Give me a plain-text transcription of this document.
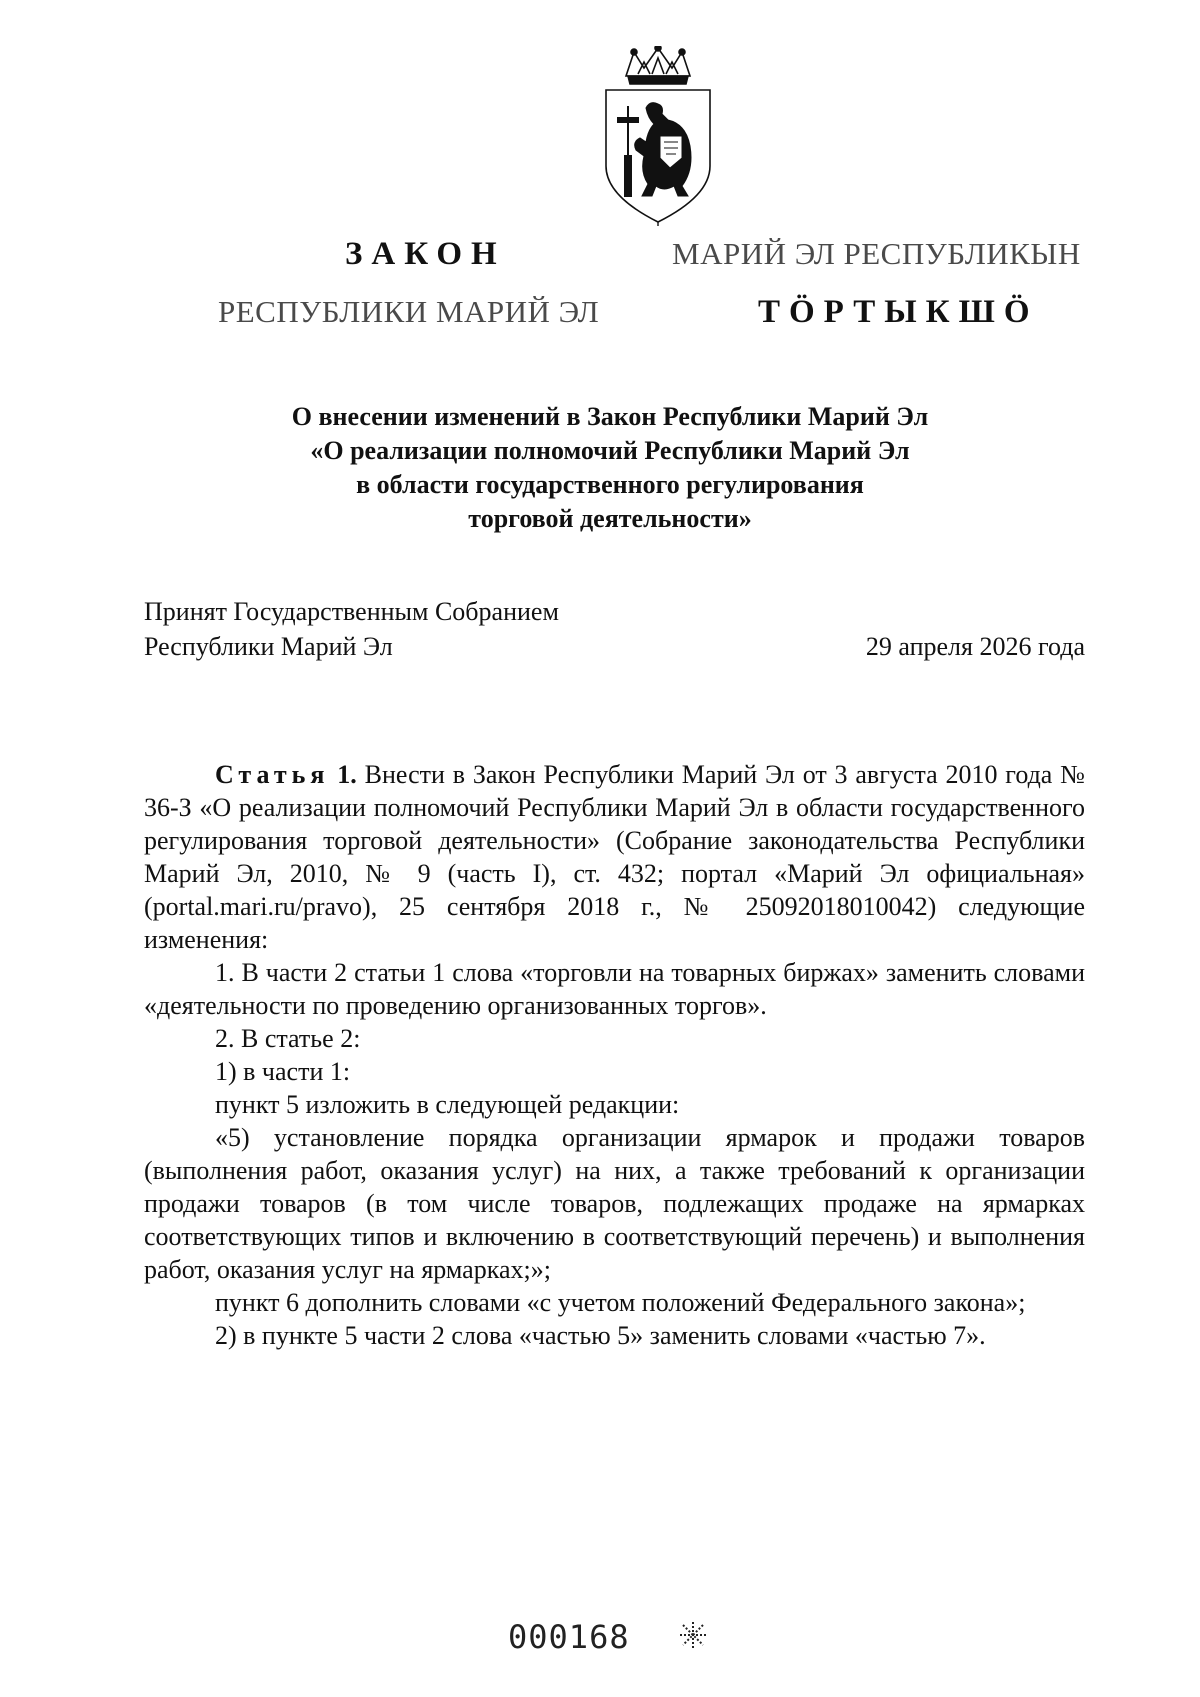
ЗАКОН
РЕСПУБЛИКИ МАРИЙ ЭЛ
МАРИЙ ЭЛ РЕСПУБЛИКЫН
ТӦРТЫКШӦ
О внесении изменений в Закон Республики Марий Эл
«О реализации полномочий Республики Марий Эл
в области государственного регулирования
торговой деятельности»
Принят Государственным Собранием
Республики Марий Эл	29 апреля 2026 года

Статья 1. Внести в Закон Республики Марий Эл от 3 августа 2010 года № 36-З «О реализации полномочий Республики Марий Эл в области государственного регулирования торговой деятельности» (Собрание законодательства Республики Марий Эл, 2010, № 9 (часть I), ст. 432; портал «Марий Эл официальная» (portal.mari.ru/pravo), 25 сентября 2018 г., № 25092018010042) следующие изменения:

1. В части 2 статьи 1 слова «торговли на товарных биржах» заменить словами «деятельности по проведению организованных торгов».

2. В статье 2:

1) в части 1:

пункт 5 изложить в следующей редакции:

«5) установление порядка организации ярмарок и продажи товаров (выполнения работ, оказания услуг) на них, а также требований к организации продажи товаров (в том числе товаров, подлежащих продаже на ярмарках соответствующих типов и включению в соответствующий перечень) и выполнения работ, оказания услуг на ярмарках;»;

пункт 6 дополнить словами «с учетом положений Федерального закона»;

2) в пункте 5 части 2 слова «частью 5» заменить словами «частью 7».

000168
